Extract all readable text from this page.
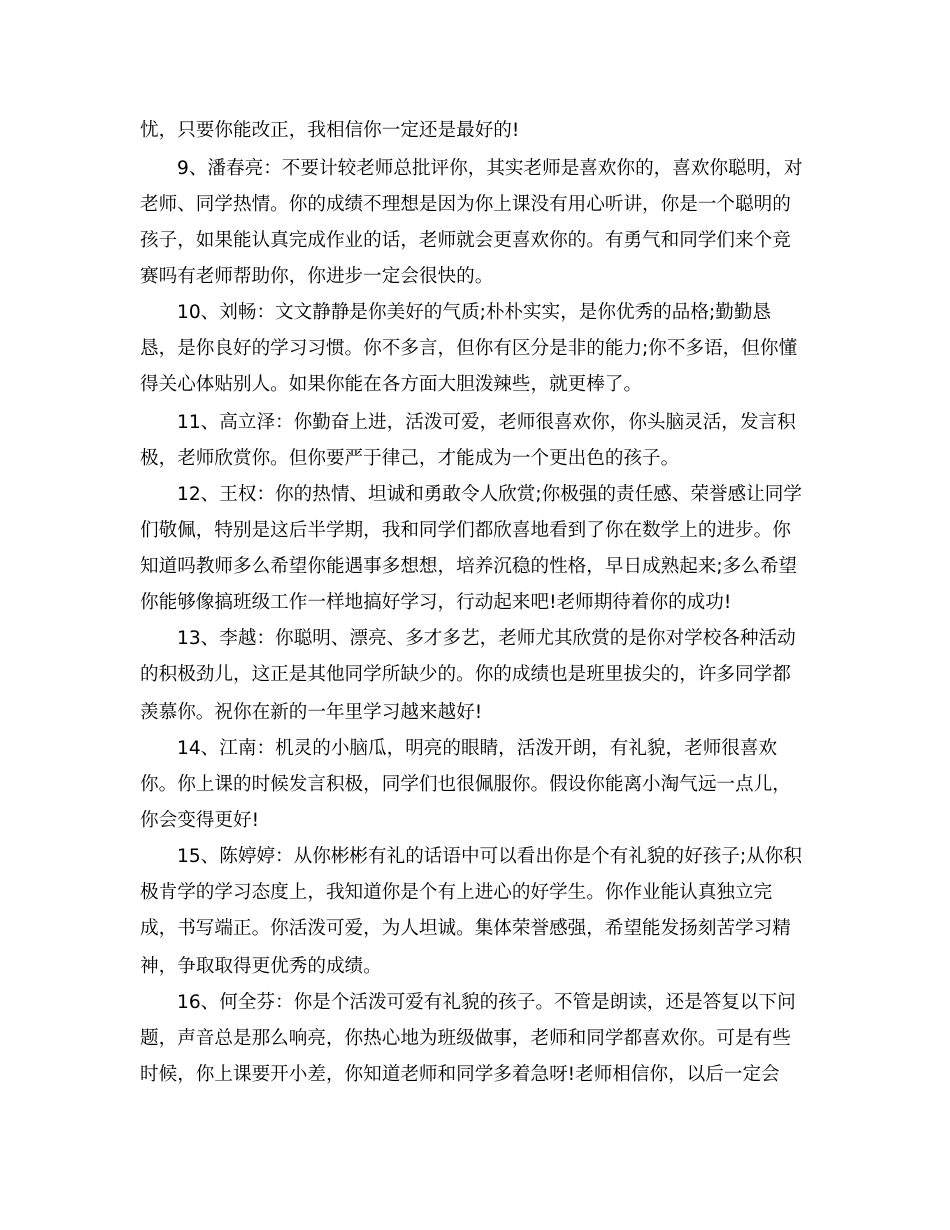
忧，只要你能改正，我相信你一定还是最好的!
9、潘春亮：不要计较老师总批评你，其实老师是喜欢你的，喜欢你聪明，对
老师、同学热情。你的成绩不理想是因为你上课没有用心听讲，你是一个聪明的
孩子，如果能认真完成作业的话，老师就会更喜欢你的。有勇气和同学们来个竞
赛吗有老师帮助你，你进步一定会很快的。
10、刘畅：文文静静是你美好的气质;朴朴实实，是你优秀的品格;勤勤恳
恳，是你良好的学习习惯。你不多言，但你有区分是非的能力;你不多语，但你懂
得关心体贴别人。如果你能在各方面大胆泼辣些，就更棒了。
11、高立泽：你勤奋上进，活泼可爱，老师很喜欢你，你头脑灵活，发言积
极，老师欣赏你。但你要严于律己，才能成为一个更出色的孩子。
12、王权：你的热情、坦诚和勇敢令人欣赏;你极强的责任感、荣誉感让同学
们敬佩，特别是这后半学期，我和同学们都欣喜地看到了你在数学上的进步。你
知道吗教师多么希望你能遇事多想想，培养沉稳的性格，早日成熟起来;多么希望
你能够像搞班级工作一样地搞好学习，行动起来吧!老师期待着你的成功!
13、李越：你聪明、漂亮、多才多艺，老师尤其欣赏的是你对学校各种活动
的积极劲儿，这正是其他同学所缺少的。你的成绩也是班里拔尖的，许多同学都
羡慕你。祝你在新的一年里学习越来越好!
14、江南：机灵的小脑瓜，明亮的眼睛，活泼开朗，有礼貌，老师很喜欢
你。你上课的时候发言积极，同学们也很佩服你。假设你能离小淘气远一点儿，
你会变得更好!
15、陈婷婷：从你彬彬有礼的话语中可以看出你是个有礼貌的好孩子;从你积
极肯学的学习态度上，我知道你是个有上进心的好学生。你作业能认真独立完
成，书写端正。你活泼可爱，为人坦诚。集体荣誉感强，希望能发扬刻苦学习精
神，争取取得更优秀的成绩。
16、何全芬：你是个活泼可爱有礼貌的孩子。不管是朗读，还是答复以下问
题，声音总是那么响亮，你热心地为班级做事，老师和同学都喜欢你。可是有些
时候，你上课要开小差，你知道老师和同学多着急呀!老师相信你，以后一定会
